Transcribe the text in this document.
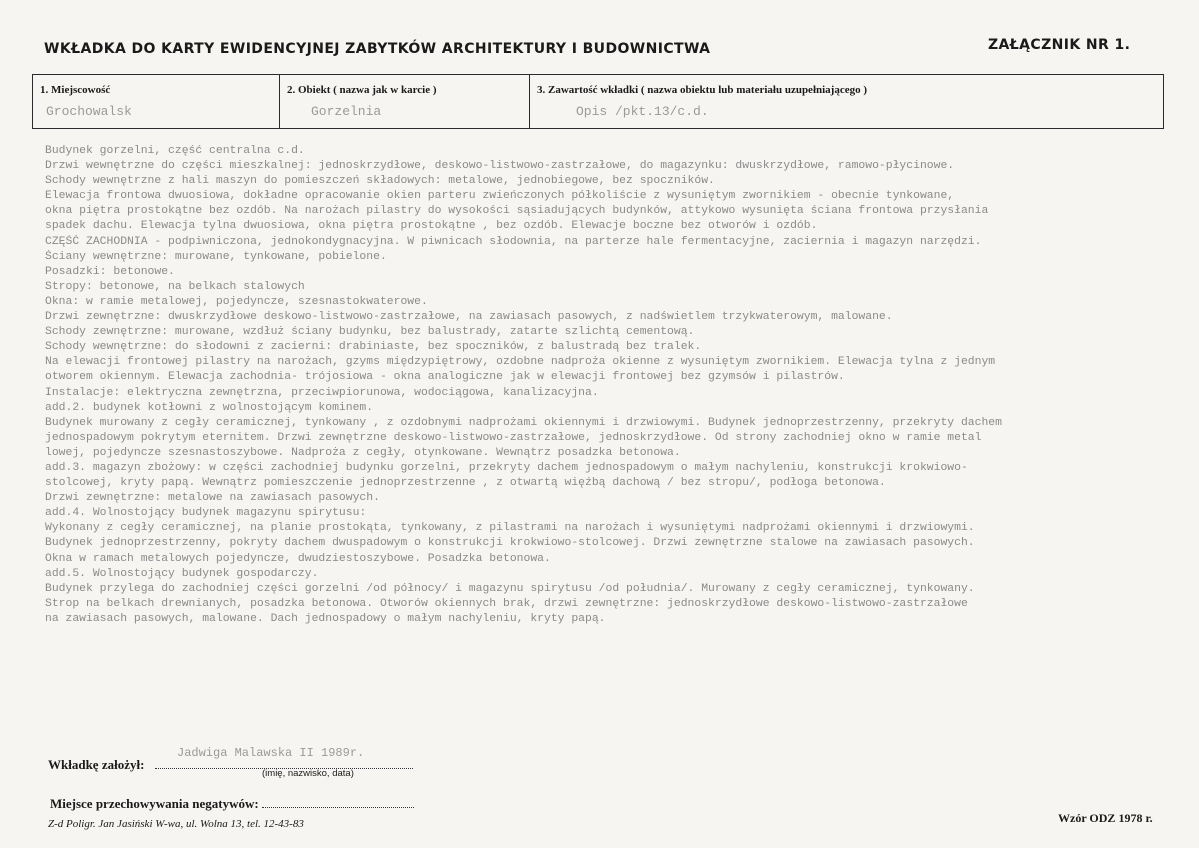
WKŁADKA DO KARTY EWIDENCYJNEJ ZABYTKÓW ARCHITEKTURY I BUDOWNICTWA	ZAŁĄCZNIK NR 1.
1. Miejscowość
Grochowalsk
2. Obiekt ( nazwa jak w karcie )
Gorzelnia
3. Zawartość wkładki ( nazwa obiektu lub materiału uzupełniającego )
Opis /pkt.13/c.d.
Budynek gorzelni, część centralna c.d.
Drzwi wewnętrzne do części mieszkalnej: jednoskrzydłowe, deskowo-listwowo-zastrzałowe, do magazynku: dwuskrzydłowe, ramowo-płycinowe.
Schody wewnętrzne z hali maszyn do pomieszczeń składowych: metalowe, jednobiegowe, bez spoczników.
Elewacja frontowa dwuosiowa, dokładne opracowanie okien parteru zwieńczonych półkoliście z wysuniętym zwornikiem - obecnie tynkowane,
okna piętra prostokątne bez ozdób. Na narożach pilastry do wysokości sąsiadujących budynków, attykowo wysunięta ściana frontowa przysłania
spadek dachu. Elewacja tylna dwuosiowa, okna piętra prostokątne , bez ozdób. Elewacje boczne bez otworów i ozdób.
CZĘŚĆ ZACHODNIA - podpiwniczona, jednokondygnacyjna. W piwnicach słodownia, na parterze hale fermentacyjne, zaciernia i magazyn narzędzi.
Ściany wewnętrzne: murowane, tynkowane, pobielone.
Posadzki: betonowe.
Stropy: betonowe, na belkach stalowych
Okna: w ramie metalowej, pojedyncze, szesnastokwaterowe.
Drzwi zewnętrzne: dwuskrzydłowe deskowo-listwowo-zastrzałowe, na zawiasach pasowych, z nadświetlem trzykwaterowym, malowane.
Schody zewnętrzne: murowane, wzdłuż ściany budynku, bez balustrady, zatarte szlichtą cementową.
Schody wewnętrzne: do słodowni z zacierni: drabiniaste, bez spoczników, z balustradą bez tralek.
Na elewacji frontowej pilastry na narożach, gzyms międzypiętrowy, ozdobne nadproża okienne z wysuniętym zwornikiem. Elewacja tylna z jednym
otworem okiennym. Elewacja zachodnia- trójosiowa - okna analogiczne jak w elewacji frontowej bez gzymsów i pilastrów.
Instalacje: elektryczna zewnętrzna, przeciwpiorunowa, wodociągowa, kanalizacyjna.
add.2. budynek kotłowni z wolnostojącym kominem.
Budynek murowany z cegły ceramicznej, tynkowany , z ozdobnymi nadprożami okiennymi i drzwiowymi. Budynek jednoprzestrzenny, przekryty dachem
jednospadowym pokrytym eternitem. Drzwi zewnętrzne deskowo-listwowo-zastrzałowe, jednoskrzydłowe. Od strony zachodniej okno w ramie metal
lowej, pojedyncze szesnastoszybowe. Nadproża z cegły, otynkowane. Wewnątrz posadzka betonowa.
add.3. magazyn zbożowy: w części zachodniej budynku gorzelni, przekryty dachem jednospadowym o małym nachyleniu, konstrukcji krokwiowo-
stolcowej, kryty papą. Wewnątrz pomieszczenie jednoprzestrzenne , z otwartą więźbą dachową / bez stropu/, podłoga betonowa.
Drzwi zewnętrzne: metalowe na zawiasach pasowych.
add.4. Wolnostojący budynek magazynu spirytusu:
Wykonany z cegły ceramicznej, na planie prostokąta, tynkowany, z pilastrami na narożach i wysuniętymi nadprożami okiennymi i drzwiowymi.
Budynek jednoprzestrzenny, pokryty dachem dwuspadowym o konstrukcji krokwiowo-stolcowej. Drzwi zewnętrzne stalowe na zawiasach pasowych.
Okna w ramach metalowych pojedyncze, dwudziestoszybowe. Posadzka betonowa.
add.5. Wolnostojący budynek gospodarczy.
Budynek przylega do zachodniej części gorzelni /od północy/ i magazynu spirytusu /od południa/. Murowany z cegły ceramicznej, tynkowany.
Strop na belkach drewnianych, posadzka betonowa. Otworów okiennych brak, drzwi zewnętrzne: jednoskrzydłowe deskowo-listwowo-zastrzałowe
na zawiasach pasowych, malowane. Dach jednospadowy o małym nachyleniu, kryty papą.
Wkładkę założył:
Jadwiga Malawska II 1989r.
(imię, nazwisko, data)
Miejsce przechowywania negatywów:
Z-d Poligr. Jan Jasiński W-wa, ul. Wolna 13, tel. 12-43-83	Wzór ODZ 1978 r.
